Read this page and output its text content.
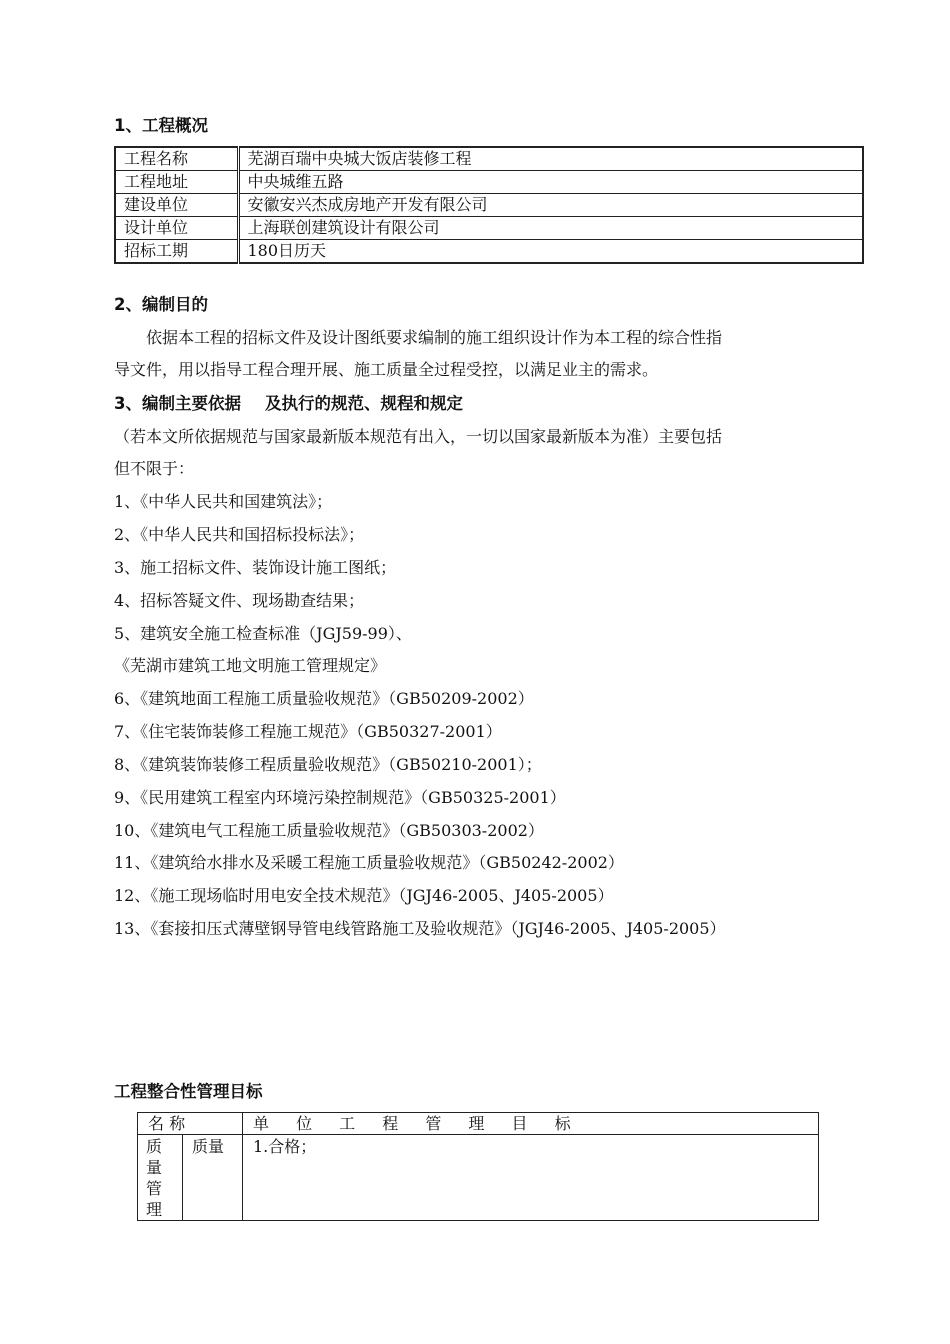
1、工程概况
工程名称	芜湖百瑞中央城大饭店装修工程
工程地址	中央城维五路
建设单位	安徽安兴杰成房地产开发有限公司
设计单位	上海联创建筑设计有限公司
招标工期	180日历天
2、编制目的
依据本工程的招标文件及设计图纸要求编制的施工组织设计作为本工程的综合性指
导文件，用以指导工程合理开展、施工质量全过程受控，以满足业主的需求。
3、编制主要依据 及执行的规范、规程和规定
（若本文所依据规范与国家最新版本规范有出入，一切以国家最新版本为准）主要包括
但不限于：
1、《中华人民共和国建筑法》；
2、《中华人民共和国招标投标法》；
3、施工招标文件、装饰设计施工图纸；
4、招标答疑文件、现场勘查结果；
5、建筑安全施工检查标准（JGJ59-99）、
《芜湖市建筑工地文明施工管理规定》
6、《建筑地面工程施工质量验收规范》（GB50209-2002）
7、《住宅装饰装修工程施工规范》（GB50327-2001）
8、《建筑装饰装修工程质量验收规范》（GB50210-2001）；
9、《民用建筑工程室内环境污染控制规范》（GB50325-2001）
10、《建筑电气工程施工质量验收规范》（GB50303-2002）
11、《建筑给水排水及采暖工程施工质量验收规范》（GB50242-2002）
12、《施工现场临时用电安全技术规范》（JGJ46-2005、J405-2005）
13、《套接扣压式薄壁钢导管电线管路施工及验收规范》（JGJ46-2005、J405-2005）
工程整合性管理目标
名 称		单 位 工 程 管 理 目 标

质量管理	质量	1.合格；
